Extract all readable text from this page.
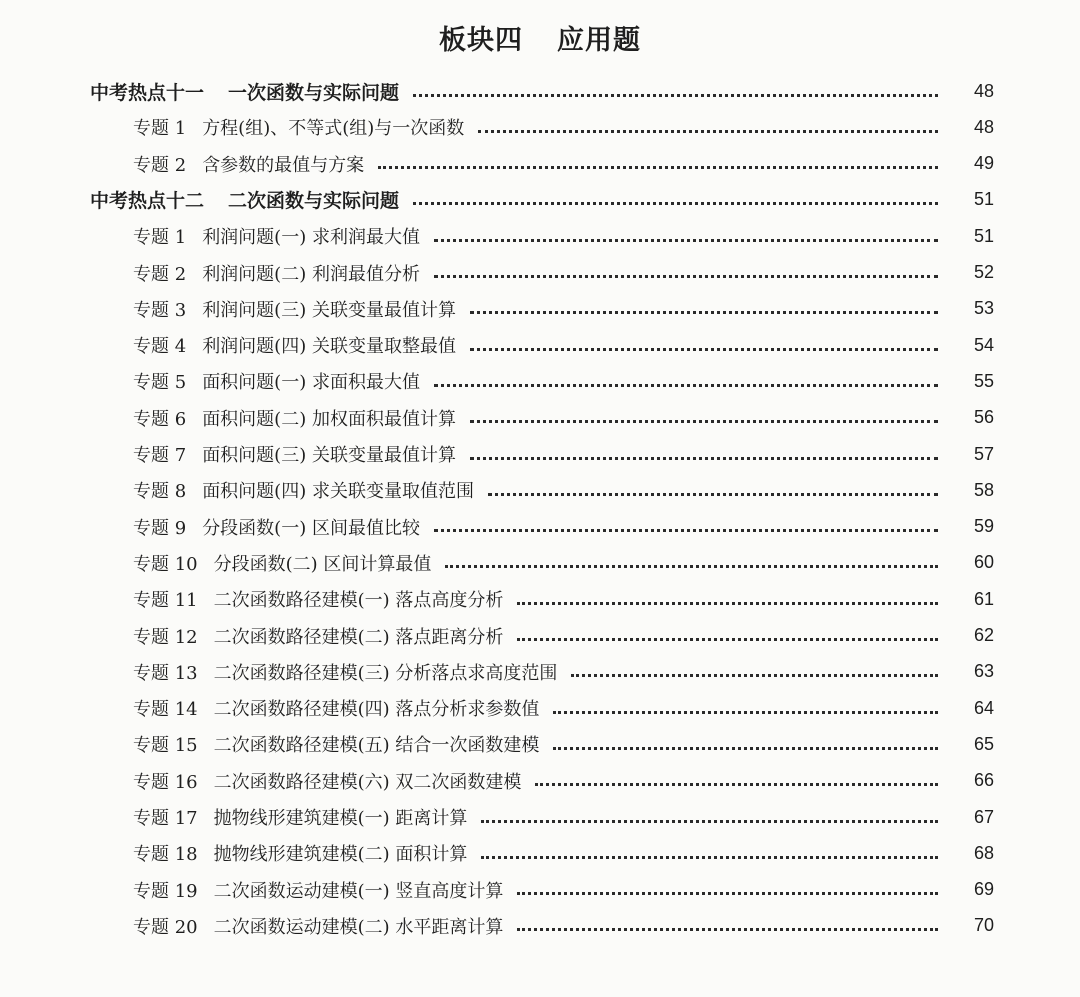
板块四 应用题
中考热点十一 一次函数与实际问题	48
专题 1 方程(组)、不等式(组)与一次函数	48
专题 2 含参数的最值与方案	49
中考热点十二 二次函数与实际问题	51
专题 1 利润问题(一) 求利润最大值	51
专题 2 利润问题(二) 利润最值分析	52
专题 3 利润问题(三) 关联变量最值计算	53
专题 4 利润问题(四) 关联变量取整最值	54
专题 5 面积问题(一) 求面积最大值	55
专题 6 面积问题(二) 加权面积最值计算	56
专题 7 面积问题(三) 关联变量最值计算	57
专题 8 面积问题(四) 求关联变量取值范围	58
专题 9 分段函数(一) 区间最值比较	59
专题 10 分段函数(二) 区间计算最值	60
专题 11 二次函数路径建模(一) 落点高度分析	61
专题 12 二次函数路径建模(二) 落点距离分析	62
专题 13 二次函数路径建模(三) 分析落点求高度范围	63
专题 14 二次函数路径建模(四) 落点分析求参数值	64
专题 15 二次函数路径建模(五) 结合一次函数建模	65
专题 16 二次函数路径建模(六) 双二次函数建模	66
专题 17 抛物线形建筑建模(一) 距离计算	67
专题 18 抛物线形建筑建模(二) 面积计算	68
专题 19 二次函数运动建模(一) 竖直高度计算	69
专题 20 二次函数运动建模(二) 水平距离计算	70
